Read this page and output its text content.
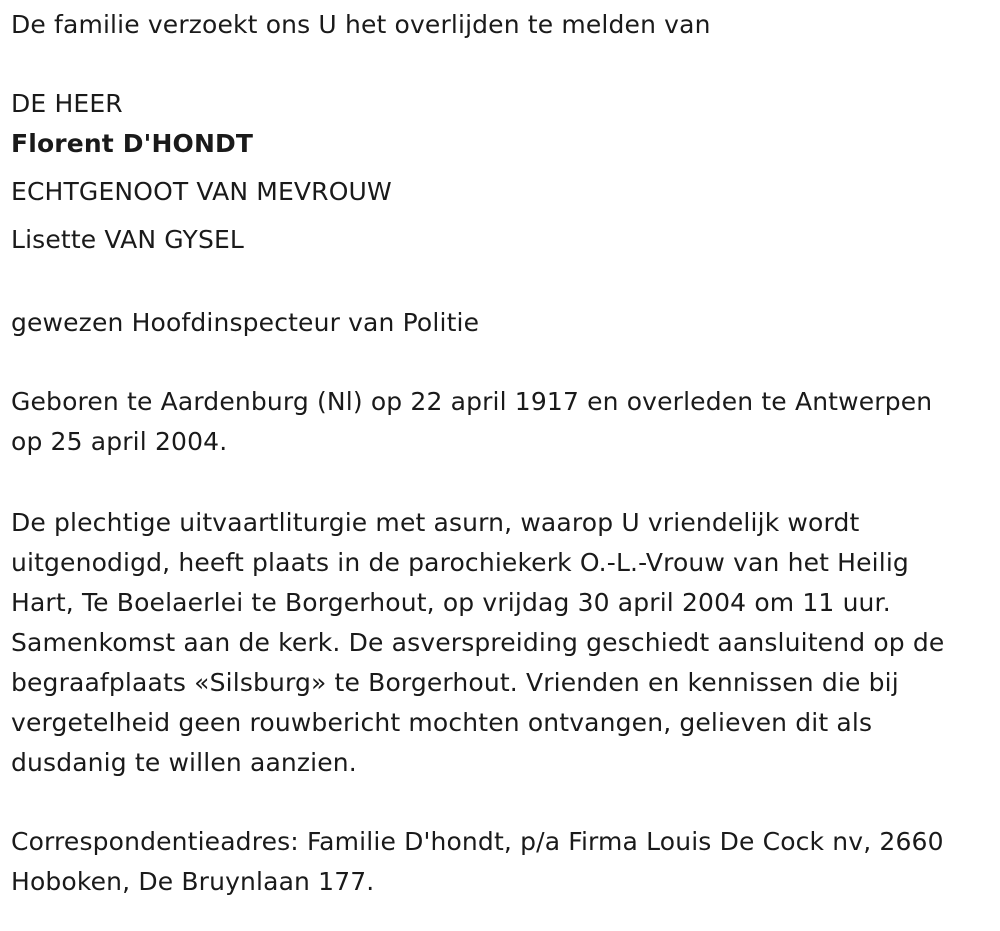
De familie verzoekt ons U het overlijden te melden van
DE HEER
Florent D'HONDT
ECHTGENOOT VAN MEVROUW
Lisette VAN GYSEL
gewezen Hoofdinspecteur van Politie
Geboren te Aardenburg (Nl) op 22 april 1917 en overleden te Antwerpen
op 25 april 2004.
De plechtige uitvaartliturgie met asurn, waarop U vriendelijk wordt
uitgenodigd, heeft plaats in de parochiekerk O.-L.-Vrouw van het Heilig
Hart, Te Boelaerlei te Borgerhout, op vrijdag 30 april 2004 om 11 uur.
Samenkomst aan de kerk. De asverspreiding geschiedt aansluitend op de
begraafplaats «Silsburg» te Borgerhout. Vrienden en kennissen die bij
vergetelheid geen rouwbericht mochten ontvangen, gelieven dit als
dusdanig te willen aanzien.
Correspondentieadres: Familie D'hondt, p/a Firma Louis De Cock nv, 2660
Hoboken, De Bruynlaan 177.
